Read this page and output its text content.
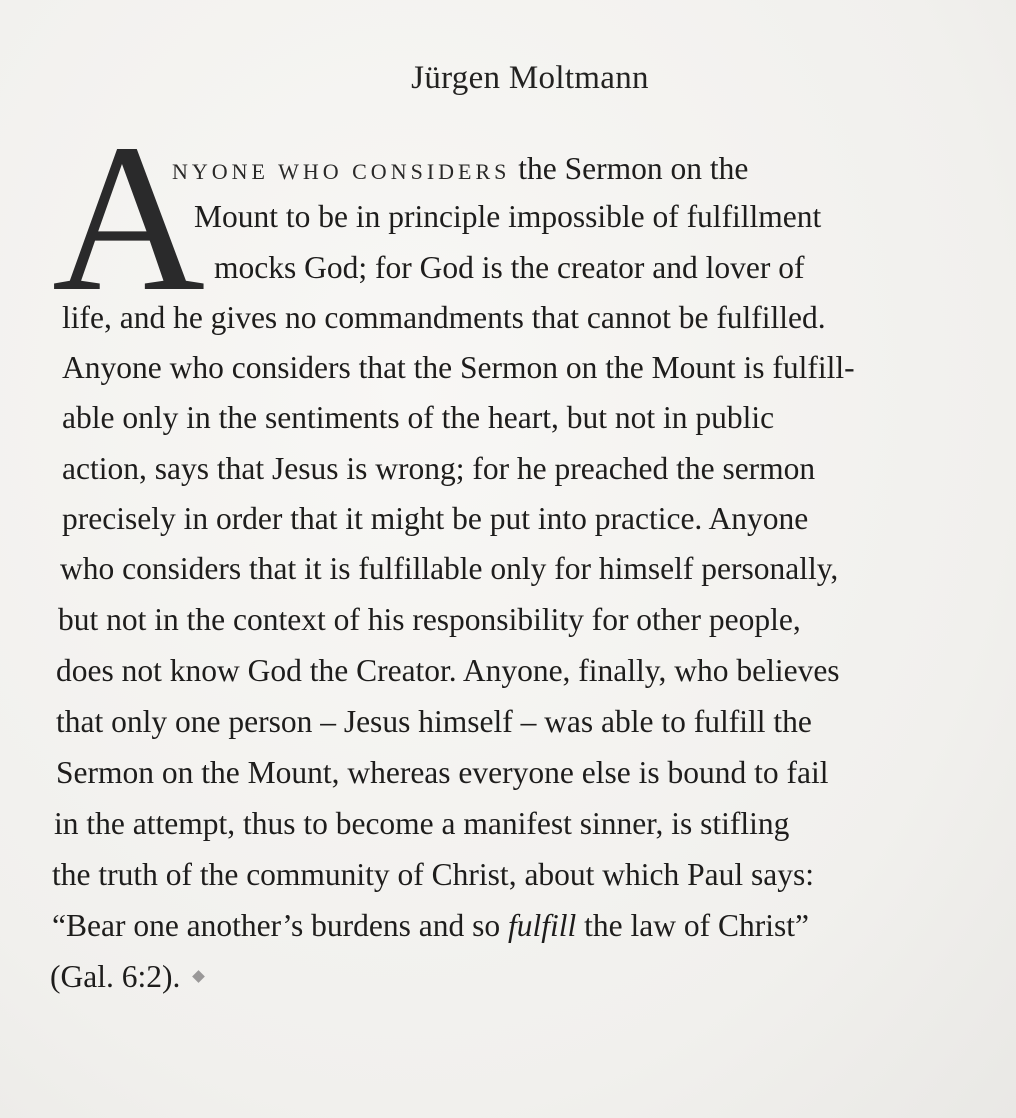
Jürgen Moltmann
A
NYONE WHO CONSIDERS the Sermon on the
Mount to be in principle impossible of fulfillment
mocks God; for God is the creator and lover of
life, and he gives no commandments that cannot be fulfilled.
Anyone who considers that the Sermon on the Mount is fulfill-
able only in the sentiments of the heart, but not in public
action, says that Jesus is wrong; for he preached the sermon
precisely in order that it might be put into practice. Anyone
who considers that it is fulfillable only for himself personally,
but not in the context of his responsibility for other people,
does not know God the Creator. Anyone, finally, who believes
that only one person – Jesus himself – was able to fulfill the
Sermon on the Mount, whereas everyone else is bound to fail
in the attempt, thus to become a manifest sinner, is stifling
the truth of the community of Christ, about which Paul says:
“Bear one another’s burdens and so fulfill the law of Christ”
(Gal. 6:2).
